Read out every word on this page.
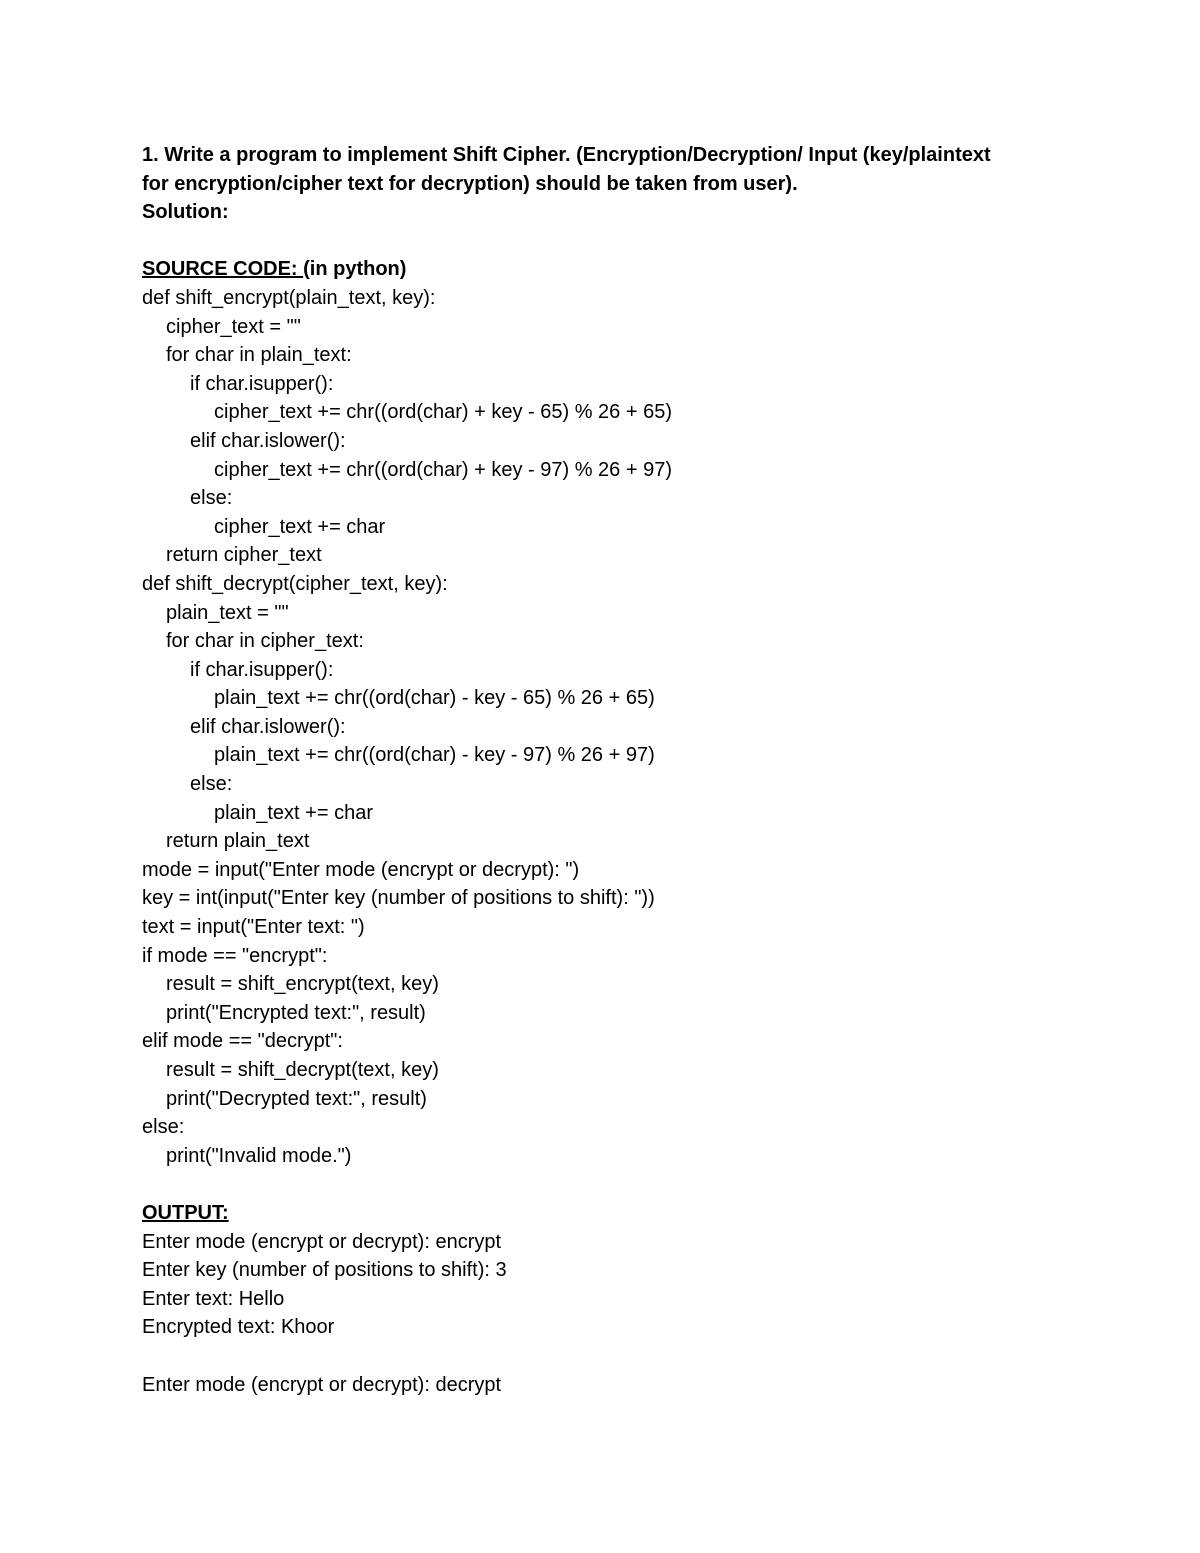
1. Write a program to implement Shift Cipher. (Encryption/Decryption/ Input (key/plaintext
for encryption/cipher text for decryption) should be taken from user).
Solution:
SOURCE CODE: (in python)
def shift_encrypt(plain_text, key):
cipher_text = ""
for char in plain_text:
if char.isupper():
cipher_text += chr((ord(char) + key - 65) % 26 + 65)
elif char.islower():
cipher_text += chr((ord(char) + key - 97) % 26 + 97)
else:
cipher_text += char
return cipher_text
def shift_decrypt(cipher_text, key):
plain_text = ""
for char in cipher_text:
if char.isupper():
plain_text += chr((ord(char) - key - 65) % 26 + 65)
elif char.islower():
plain_text += chr((ord(char) - key - 97) % 26 + 97)
else:
plain_text += char
return plain_text
mode = input("Enter mode (encrypt or decrypt): ")
key = int(input("Enter key (number of positions to shift): "))
text = input("Enter text: ")
if mode == "encrypt":
result = shift_encrypt(text, key)
print("Encrypted text:", result)
elif mode == "decrypt":
result = shift_decrypt(text, key)
print("Decrypted text:", result)
else:
print("Invalid mode.")
OUTPUT:
Enter mode (encrypt or decrypt): encrypt
Enter key (number of positions to shift): 3
Enter text: Hello
Encrypted text: Khoor
Enter mode (encrypt or decrypt): decrypt
